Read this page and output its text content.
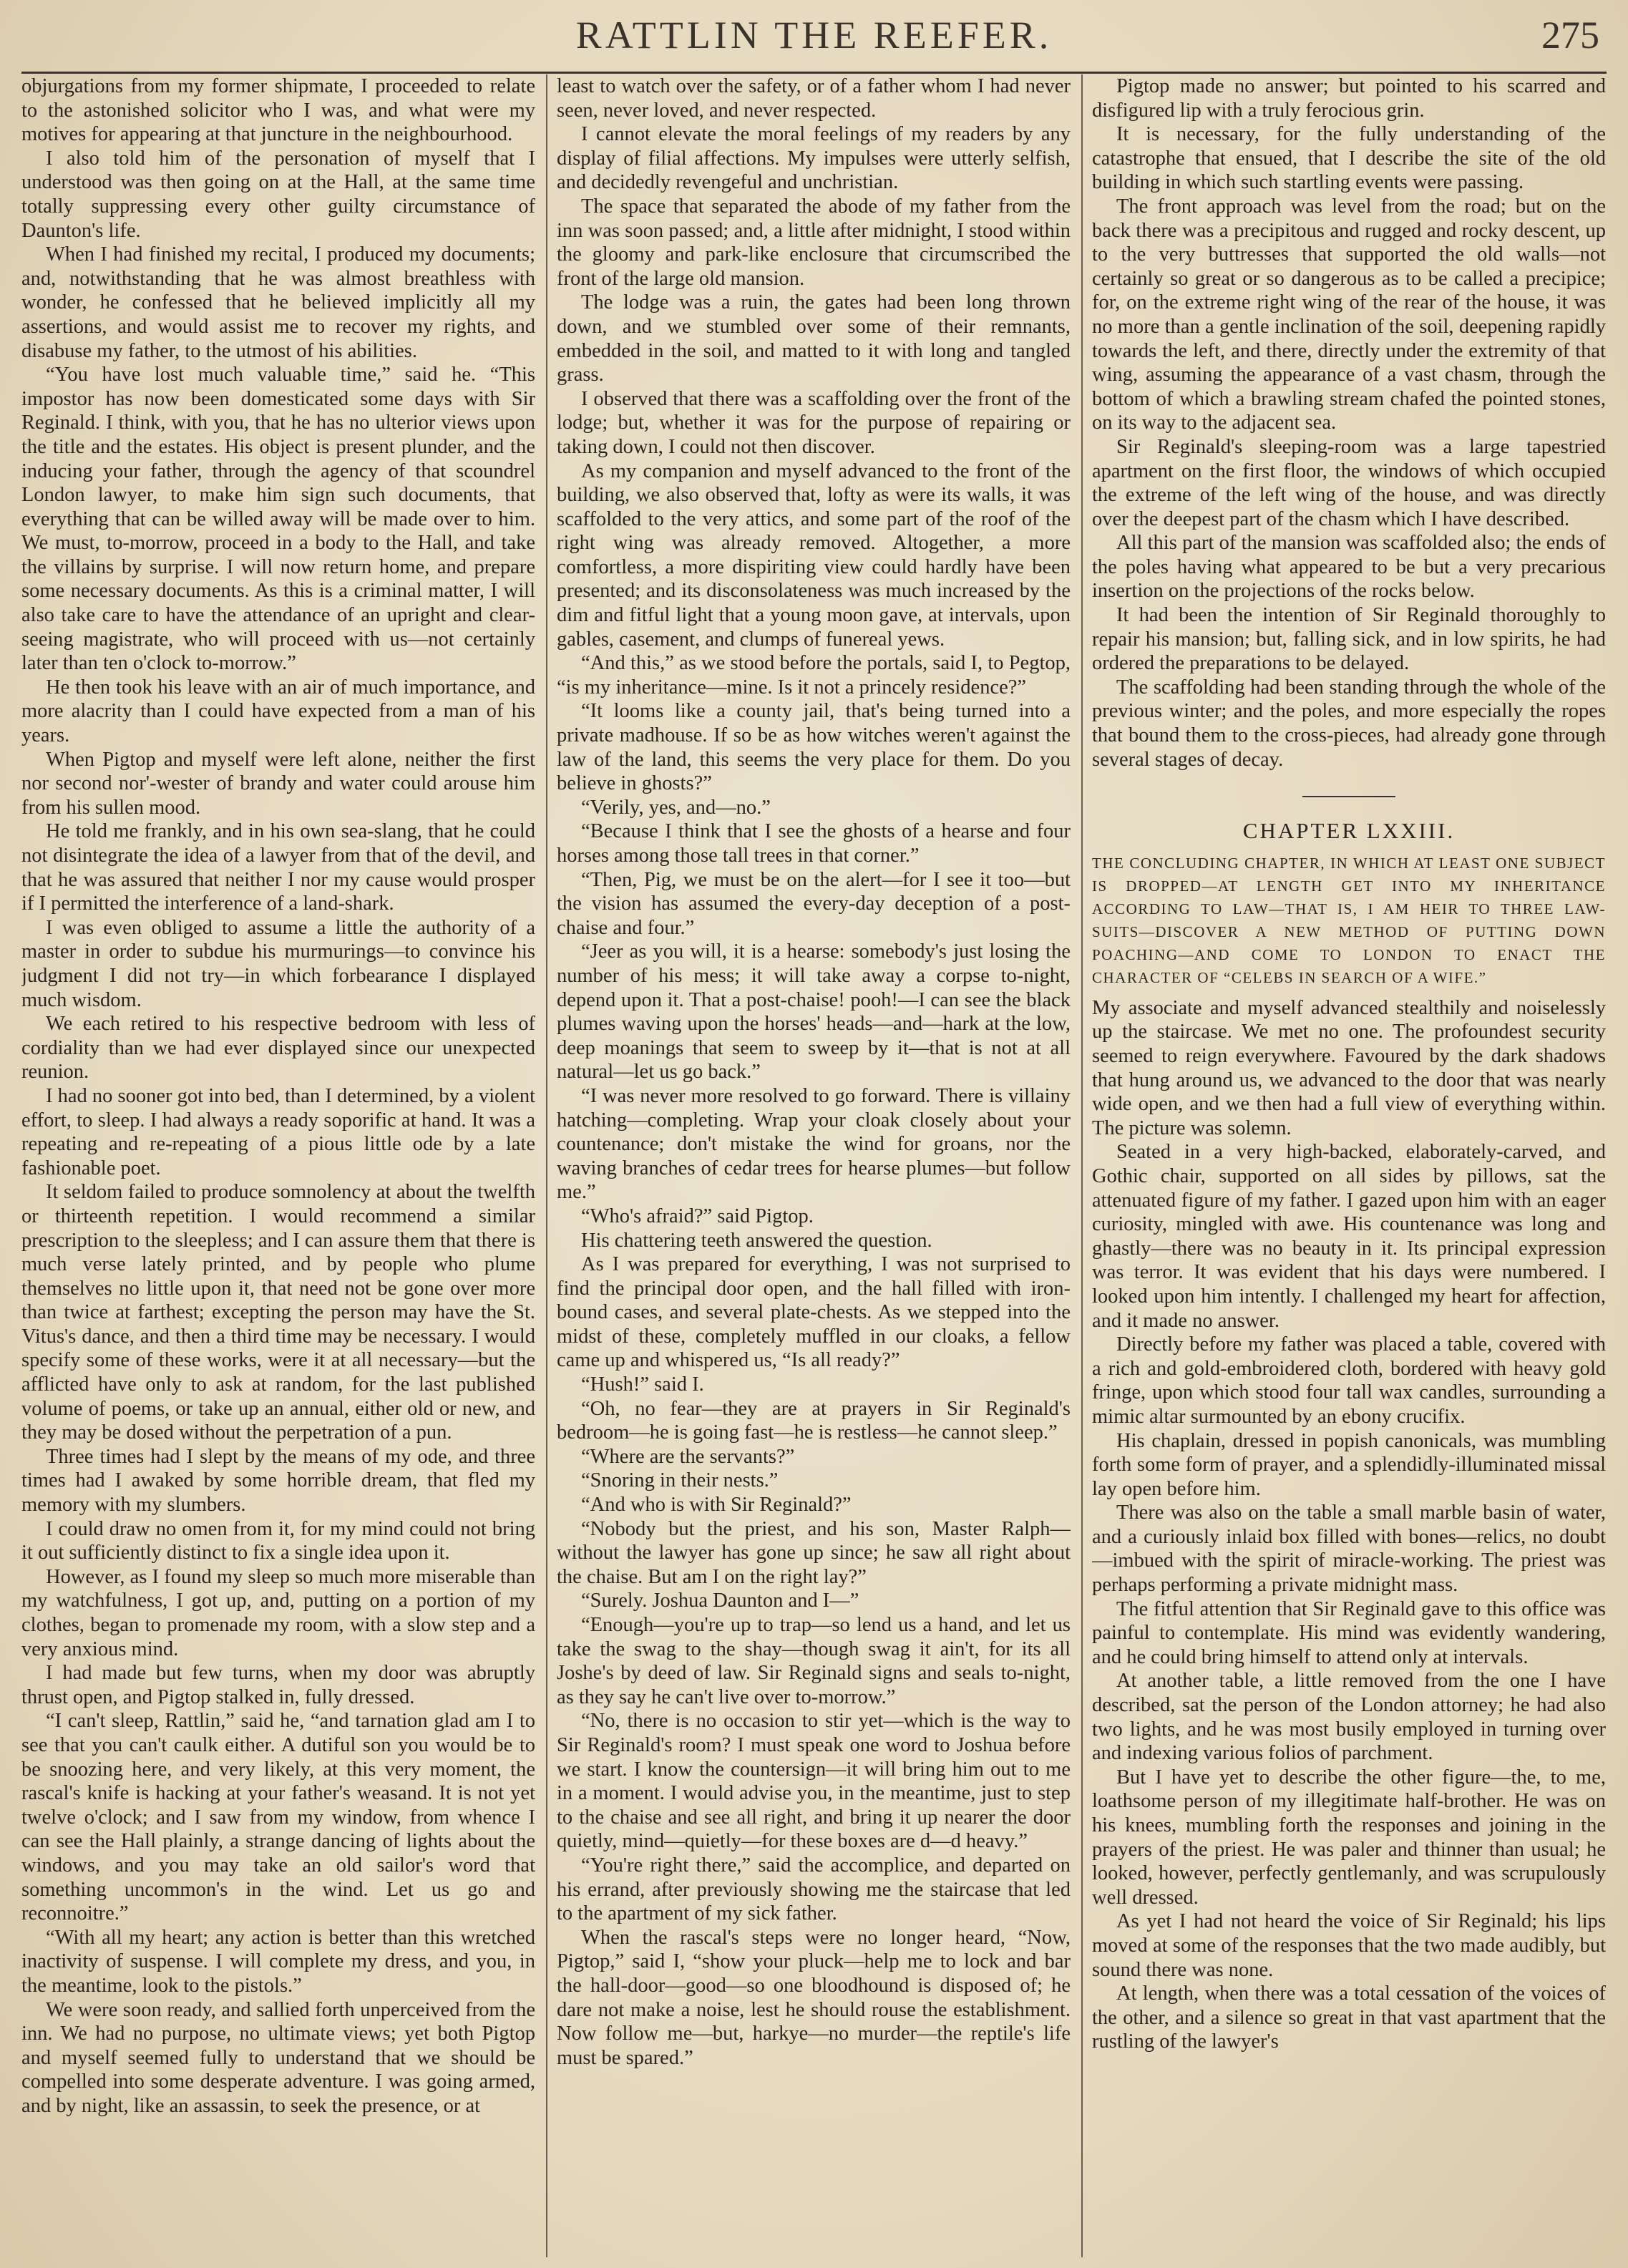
RATTLIN THE REEFER.	275

objurgations from my former shipmate, I proceeded to relate to the astonished solicitor who I was, and what were my motives for appearing at that juncture in the neighbourhood.

I also told him of the personation of myself that I understood was then going on at the Hall, at the same time totally suppressing every other guilty circumstance of Daunton's life.

When I had finished my recital, I produced my documents; and, notwithstanding that he was almost breathless with wonder, he confessed that he believed implicitly all my assertions, and would assist me to recover my rights, and disabuse my father, to the utmost of his abilities.

“You have lost much valuable time,” said he. “This impostor has now been domesticated some days with Sir Reginald. I think, with you, that he has no ulterior views upon the title and the estates. His object is present plunder, and the inducing your father, through the agency of that scoundrel London lawyer, to make him sign such documents, that everything that can be willed away will be made over to him. We must, to-morrow, proceed in a body to the Hall, and take the villains by surprise. I will now return home, and prepare some necessary documents. As this is a criminal matter, I will also take care to have the attendance of an upright and clear-seeing magistrate, who will proceed with us—not certainly later than ten o'clock to-morrow.”

He then took his leave with an air of much importance, and more alacrity than I could have expected from a man of his years.

When Pigtop and myself were left alone, neither the first nor second nor'-wester of brandy and water could arouse him from his sullen mood.

He told me frankly, and in his own sea-slang, that he could not disintegrate the idea of a lawyer from that of the devil, and that he was assured that neither I nor my cause would prosper if I permitted the interference of a land-shark.

I was even obliged to assume a little the authority of a master in order to subdue his murmurings—to convince his judgment I did not try—in which forbearance I displayed much wisdom.

We each retired to his respective bedroom with less of cordiality than we had ever displayed since our unexpected reunion.

I had no sooner got into bed, than I determined, by a violent effort, to sleep. I had always a ready soporific at hand. It was a repeating and re-repeating of a pious little ode by a late fashionable poet.

It seldom failed to produce somnolency at about the twelfth or thirteenth repetition. I would recommend a similar prescription to the sleepless; and I can assure them that there is much verse lately printed, and by people who plume themselves no little upon it, that need not be gone over more than twice at farthest; excepting the person may have the St. Vitus's dance, and then a third time may be necessary. I would specify some of these works, were it at all necessary—but the afflicted have only to ask at random, for the last published volume of poems, or take up an annual, either old or new, and they may be dosed without the perpetration of a pun.

Three times had I slept by the means of my ode, and three times had I awaked by some horrible dream, that fled my memory with my slumbers.

I could draw no omen from it, for my mind could not bring it out sufficiently distinct to fix a single idea upon it.

However, as I found my sleep so much more miserable than my watchfulness, I got up, and, putting on a portion of my clothes, began to promenade my room, with a slow step and a very anxious mind.

I had made but few turns, when my door was abruptly thrust open, and Pigtop stalked in, fully dressed.

“I can't sleep, Rattlin,” said he, “and tarnation glad am I to see that you can't caulk either. A dutiful son you would be to be snoozing here, and very likely, at this very moment, the rascal's knife is hacking at your father's weasand. It is not yet twelve o'clock; and I saw from my window, from whence I can see the Hall plainly, a strange dancing of lights about the windows, and you may take an old sailor's word that something uncommon's in the wind. Let us go and reconnoitre.”

“With all my heart; any action is better than this wretched inactivity of suspense. I will complete my dress, and you, in the meantime, look to the pistols.”

We were soon ready, and sallied forth unperceived from the inn. We had no purpose, no ultimate views; yet both Pigtop and myself seemed fully to understand that we should be compelled into some desperate adventure. I was going armed, and by night, like an assassin, to seek the presence, or at

least to watch over the safety, or of a father whom I had never seen, never loved, and never respected.

I cannot elevate the moral feelings of my readers by any display of filial affections. My impulses were utterly selfish, and decidedly revengeful and unchristian.

The space that separated the abode of my father from the inn was soon passed; and, a little after midnight, I stood within the gloomy and park-like enclosure that circumscribed the front of the large old mansion.

The lodge was a ruin, the gates had been long thrown down, and we stumbled over some of their remnants, embedded in the soil, and matted to it with long and tangled grass.

I observed that there was a scaffolding over the front of the lodge; but, whether it was for the purpose of repairing or taking down, I could not then discover.

As my companion and myself advanced to the front of the building, we also observed that, lofty as were its walls, it was scaffolded to the very attics, and some part of the roof of the right wing was already removed. Altogether, a more comfortless, a more dispiriting view could hardly have been presented; and its disconsolateness was much increased by the dim and fitful light that a young moon gave, at intervals, upon gables, casement, and clumps of funereal yews.

“And this,” as we stood before the portals, said I, to Pegtop, “is my inheritance—mine. Is it not a princely residence?”

“It looms like a county jail, that's being turned into a private madhouse. If so be as how witches weren't against the law of the land, this seems the very place for them. Do you believe in ghosts?”

“Verily, yes, and—no.”

“Because I think that I see the ghosts of a hearse and four horses among those tall trees in that corner.”

“Then, Pig, we must be on the alert—for I see it too—but the vision has assumed the every-day deception of a post-chaise and four.”

“Jeer as you will, it is a hearse: somebody's just losing the number of his mess; it will take away a corpse to-night, depend upon it. That a post-chaise! pooh!—I can see the black plumes waving upon the horses' heads—and—hark at the low, deep moanings that seem to sweep by it—that is not at all natural—let us go back.”

“I was never more resolved to go forward. There is villainy hatching—completing. Wrap your cloak closely about your countenance; don't mistake the wind for groans, nor the waving branches of cedar trees for hearse plumes—but follow me.”

“Who's afraid?” said Pigtop.

His chattering teeth answered the question.

As I was prepared for everything, I was not surprised to find the principal door open, and the hall filled with iron-bound cases, and several plate-chests. As we stepped into the midst of these, completely muffled in our cloaks, a fellow came up and whispered us, “Is all ready?”

“Hush!” said I.

“Oh, no fear—they are at prayers in Sir Reginald's bedroom—he is going fast—he is restless—he cannot sleep.”

“Where are the servants?”

“Snoring in their nests.”

“And who is with Sir Reginald?”

“Nobody but the priest, and his son, Master Ralph—without the lawyer has gone up since; he saw all right about the chaise. But am I on the right lay?”

“Surely. Joshua Daunton and I—”

“Enough—you're up to trap—so lend us a hand, and let us take the swag to the shay—though swag it ain't, for its all Joshe's by deed of law. Sir Reginald signs and seals to-night, as they say he can't live over to-morrow.”

“No, there is no occasion to stir yet—which is the way to Sir Reginald's room? I must speak one word to Joshua before we start. I know the countersign—it will bring him out to me in a moment. I would advise you, in the meantime, just to step to the chaise and see all right, and bring it up nearer the door quietly, mind—quietly—for these boxes are d—d heavy.”

“You're right there,” said the accomplice, and departed on his errand, after previously showing me the staircase that led to the apartment of my sick father.

When the rascal's steps were no longer heard, “Now, Pigtop,” said I, “show your pluck—help me to lock and bar the hall-door—good—so one bloodhound is disposed of; he dare not make a noise, lest he should rouse the establishment. Now follow me—but, harkye—no murder—the reptile's life must be spared.”

Pigtop made no answer; but pointed to his scarred and disfigured lip with a truly ferocious grin.

It is necessary, for the fully understanding of the catastrophe that ensued, that I describe the site of the old building in which such startling events were passing.

The front approach was level from the road; but on the back there was a precipitous and rugged and rocky descent, up to the very buttresses that supported the old walls—not certainly so great or so dangerous as to be called a precipice; for, on the extreme right wing of the rear of the house, it was no more than a gentle inclination of the soil, deepening rapidly towards the left, and there, directly under the extremity of that wing, assuming the appearance of a vast chasm, through the bottom of which a brawling stream chafed the pointed stones, on its way to the adjacent sea.

Sir Reginald's sleeping-room was a large tapestried apartment on the first floor, the windows of which occupied the extreme of the left wing of the house, and was directly over the deepest part of the chasm which I have described.

All this part of the mansion was scaffolded also; the ends of the poles having what appeared to be but a very precarious insertion on the projections of the rocks below.

It had been the intention of Sir Reginald thoroughly to repair his mansion; but, falling sick, and in low spirits, he had ordered the preparations to be delayed.

The scaffolding had been standing through the whole of the previous winter; and the poles, and more especially the ropes that bound them to the cross-pieces, had already gone through several stages of decay.

CHAPTER LXXIII.
THE CONCLUDING CHAPTER, IN WHICH AT LEAST ONE SUBJECT IS DROPPED—AT LENGTH GET INTO MY INHERITANCE ACCORDING TO LAW—THAT IS, I AM HEIR TO THREE LAW-SUITS—DISCOVER A NEW METHOD OF PUTTING DOWN POACHING—AND COME TO LONDON TO ENACT THE CHARACTER OF “CELEBS IN SEARCH OF A WIFE.”

My associate and myself advanced stealthily and noiselessly up the staircase. We met no one. The profoundest security seemed to reign everywhere. Favoured by the dark shadows that hung around us, we advanced to the door that was nearly wide open, and we then had a full view of everything within. The picture was solemn.

Seated in a very high-backed, elaborately-carved, and Gothic chair, supported on all sides by pillows, sat the attenuated figure of my father. I gazed upon him with an eager curiosity, mingled with awe. His countenance was long and ghastly—there was no beauty in it. Its principal expression was terror. It was evident that his days were numbered. I looked upon him intently. I challenged my heart for affection, and it made no answer.

Directly before my father was placed a table, covered with a rich and gold-embroidered cloth, bordered with heavy gold fringe, upon which stood four tall wax candles, surrounding a mimic altar surmounted by an ebony crucifix.

His chaplain, dressed in popish canonicals, was mumbling forth some form of prayer, and a splendidly-illuminated missal lay open before him.

There was also on the table a small marble basin of water, and a curiously inlaid box filled with bones—relics, no doubt—imbued with the spirit of miracle-working. The priest was perhaps performing a private midnight mass.

The fitful attention that Sir Reginald gave to this office was painful to contemplate. His mind was evidently wandering, and he could bring himself to attend only at intervals.

At another table, a little removed from the one I have described, sat the person of the London attorney; he had also two lights, and he was most busily employed in turning over and indexing various folios of parchment.

But I have yet to describe the other figure—the, to me, loathsome person of my illegitimate half-brother. He was on his knees, mumbling forth the responses and joining in the prayers of the priest. He was paler and thinner than usual; he looked, however, perfectly gentlemanly, and was scrupulously well dressed.

As yet I had not heard the voice of Sir Reginald; his lips moved at some of the responses that the two made audibly, but sound there was none.

At length, when there was a total cessation of the voices of the other, and a silence so great in that vast apartment that the rustling of the lawyer's
